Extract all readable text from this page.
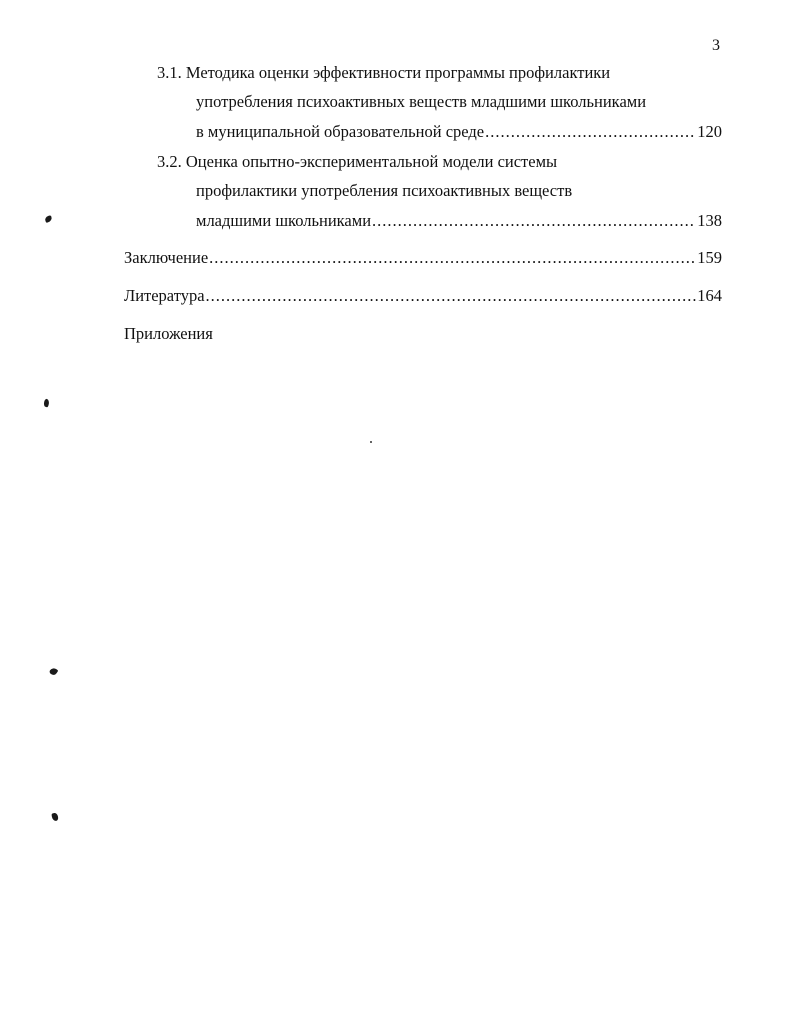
3
3.1. Методика оценки эффективности программы профилактики
употребления психоактивных веществ младшими школьниками
в муниципальной образовательной среде .....	120
3.2. Оценка опытно-экспериментальной модели системы
профилактики употребления психоактивных веществ
младшими школьниками .....	138
Заключение .....	159
Литература .....	164
Приложения
